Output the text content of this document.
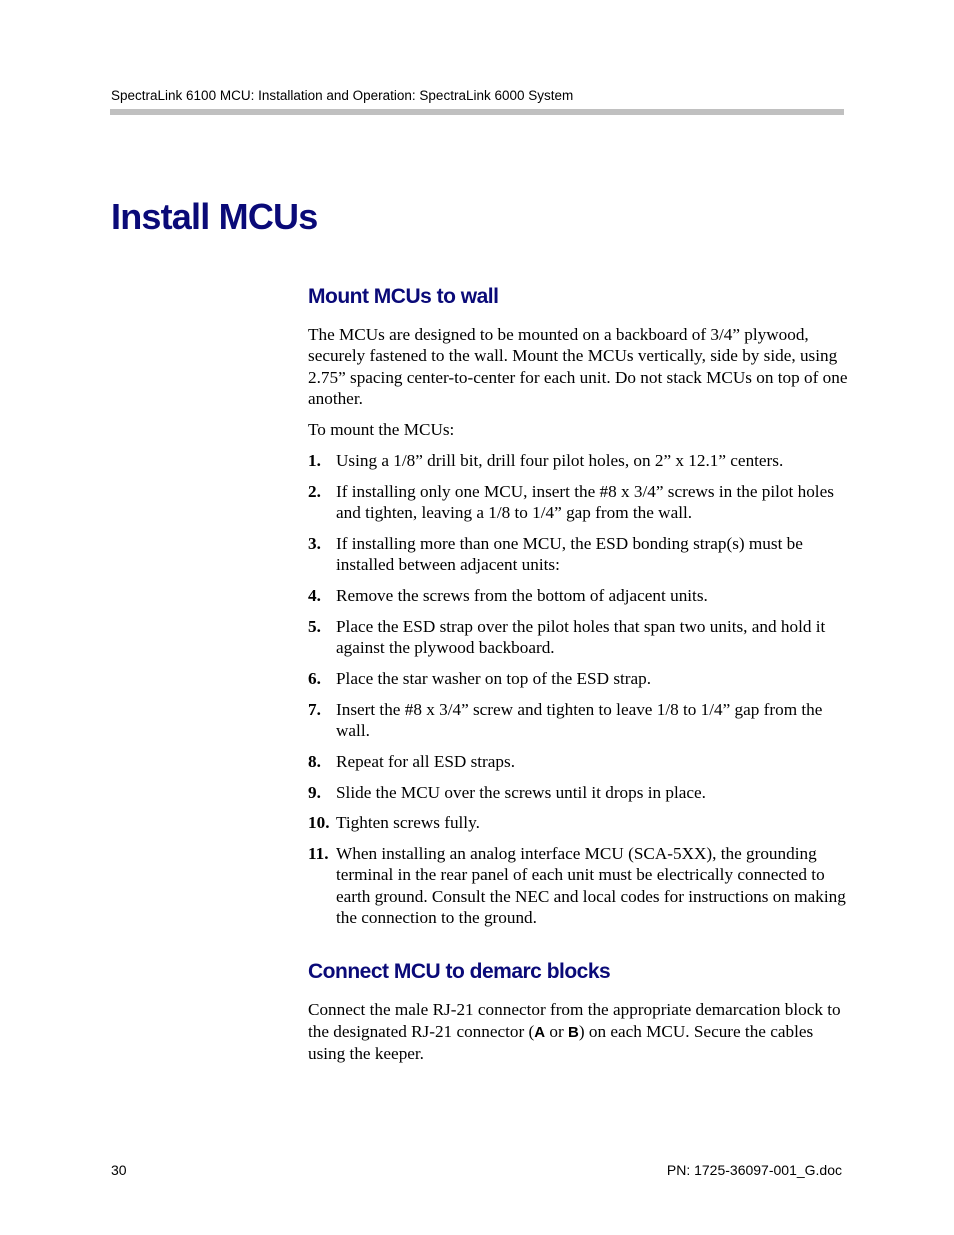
SpectraLink 6100 MCU: Installation and Operation: SpectraLink 6000 System
Install MCUs
Mount MCUs to wall

The MCUs are designed to be mounted on a backboard of 3/4” plywood, securely fastened to the wall. Mount the MCUs vertically, side by side, using 2.75” spacing center-to-center for each unit. Do not stack MCUs on top of one another.

To mount the MCUs:

1. Using a 1/8” drill bit, drill four pilot holes, on 2” x 12.1” centers.
2. If installing only one MCU, insert the #8 x 3/4” screws in the pilot holes and tighten, leaving a 1/8 to 1/4” gap from the wall.
3. If installing more than one MCU, the ESD bonding strap(s) must be installed between adjacent units:
4. Remove the screws from the bottom of adjacent units.
5. Place the ESD strap over the pilot holes that span two units, and hold it against the plywood backboard.
6. Place the star washer on top of the ESD strap.
7. Insert the #8 x 3/4” screw and tighten to leave 1/8 to 1/4” gap from the wall.
8. Repeat for all ESD straps.
9. Slide the MCU over the screws until it drops in place.
10. Tighten screws fully.
11. When installing an analog interface MCU (SCA-5XX), the grounding terminal in the rear panel of each unit must be electrically connected to earth ground. Consult the NEC and local codes for instructions on making the connection to the ground.
Connect MCU to demarc blocks

Connect the male RJ-21 connector from the appropriate demarcation block to the designated RJ-21 connector (A or B) on each MCU. Secure the cables using the keeper.

30	PN: 1725-36097-001_G.doc
